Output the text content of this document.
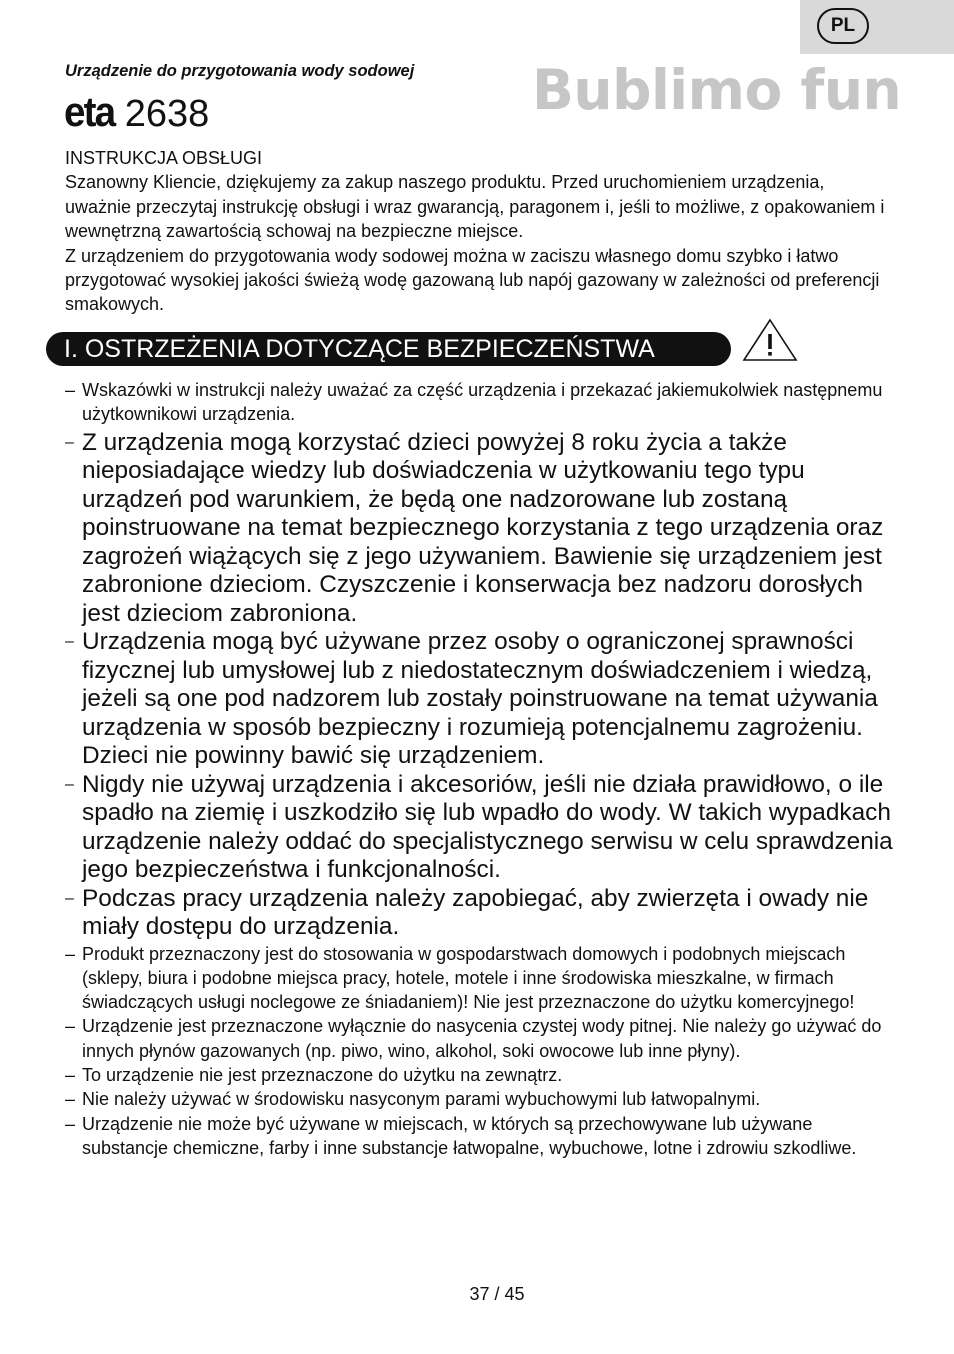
PL
Urządzenie do przygotowania wody sodowej
eta 2638	Bublimo fun

INSTRUKCJA OBSŁUGI

Szanowny Kliencie, dziękujemy za zakup naszego produktu. Przed uruchomieniem urządzenia, uważnie przeczytaj instrukcję obsługi i wraz gwarancją, paragonem i, jeśli to możliwe, z opakowaniem i wewnętrzną zawartością schowaj na bezpieczne miejsce.

Z urządzeniem do przygotowania wody sodowej można w zaciszu własnego domu szybko i łatwo przygotować wysokiej jakości świeżą wodę gazowaną lub napój gazowany w zależności od preferencji smakowych.

I. OSTRZEŻENIA DOTYCZĄCE BEZPIECZEŃSTWA
– Wskazówki w instrukcji należy uważać za część urządzenia i przekazać jakiemukolwiek następnemu użytkownikowi urządzenia.
– Z urządzenia mogą korzystać dzieci powyżej 8 roku życia a także nieposiadające wiedzy lub doświadczenia w użytkowaniu tego typu urządzeń pod warunkiem, że będą one nadzorowane lub zostaną poinstruowane na temat bezpiecznego korzystania z tego urządzenia oraz zagrożeń wiążących się z jego używaniem. Bawienie się urządzeniem jest zabronione dzieciom. Czyszczenie i konserwacja bez nadzoru dorosłych jest dzieciom zabroniona.
– Urządzenia mogą być używane przez osoby o ograniczonej sprawności fizycznej lub umysłowej lub z niedostatecznym doświadczeniem i wiedzą, jeżeli są one pod nadzorem lub zostały poinstruowane na temat używania urządzenia w sposób bezpieczny i rozumieją potencjalnemu zagrożeniu. Dzieci nie powinny bawić się urządzeniem.
– Nigdy nie używaj urządzenia i akcesoriów, jeśli nie działa prawidłowo, o ile spadło na ziemię i uszkodziło się lub wpadło do wody. W takich wypadkach urządzenie należy oddać do specjalistycznego serwisu w celu sprawdzenia jego bezpieczeństwa i funkcjonalności.
– Podczas pracy urządzenia należy zapobiegać, aby zwierzęta i owady nie miały dostępu do urządzenia.
– Produkt przeznaczony jest do stosowania w gospodarstwach domowych i podobnych miejscach (sklepy, biura i podobne miejsca pracy, hotele, motele i inne środowiska mieszkalne, w firmach świadczących usługi noclegowe ze śniadaniem)! Nie jest przeznaczone do użytku komercyjnego!
– Urządzenie jest przeznaczone wyłącznie do nasycenia czystej wody pitnej. Nie należy go używać do innych płynów gazowanych (np. piwo, wino, alkohol, soki owocowe lub inne płyny).
– To urządzenie nie jest przeznaczone do użytku na zewnątrz.
– Nie należy używać w środowisku nasyconym parami wybuchowymi lub łatwopalnymi.
– Urządzenie nie może być używane w miejscach, w których są przechowywane lub używane substancje chemiczne, farby i inne substancje łatwopalne, wybuchowe, lotne i zdrowiu szkodliwe.
37 / 45
